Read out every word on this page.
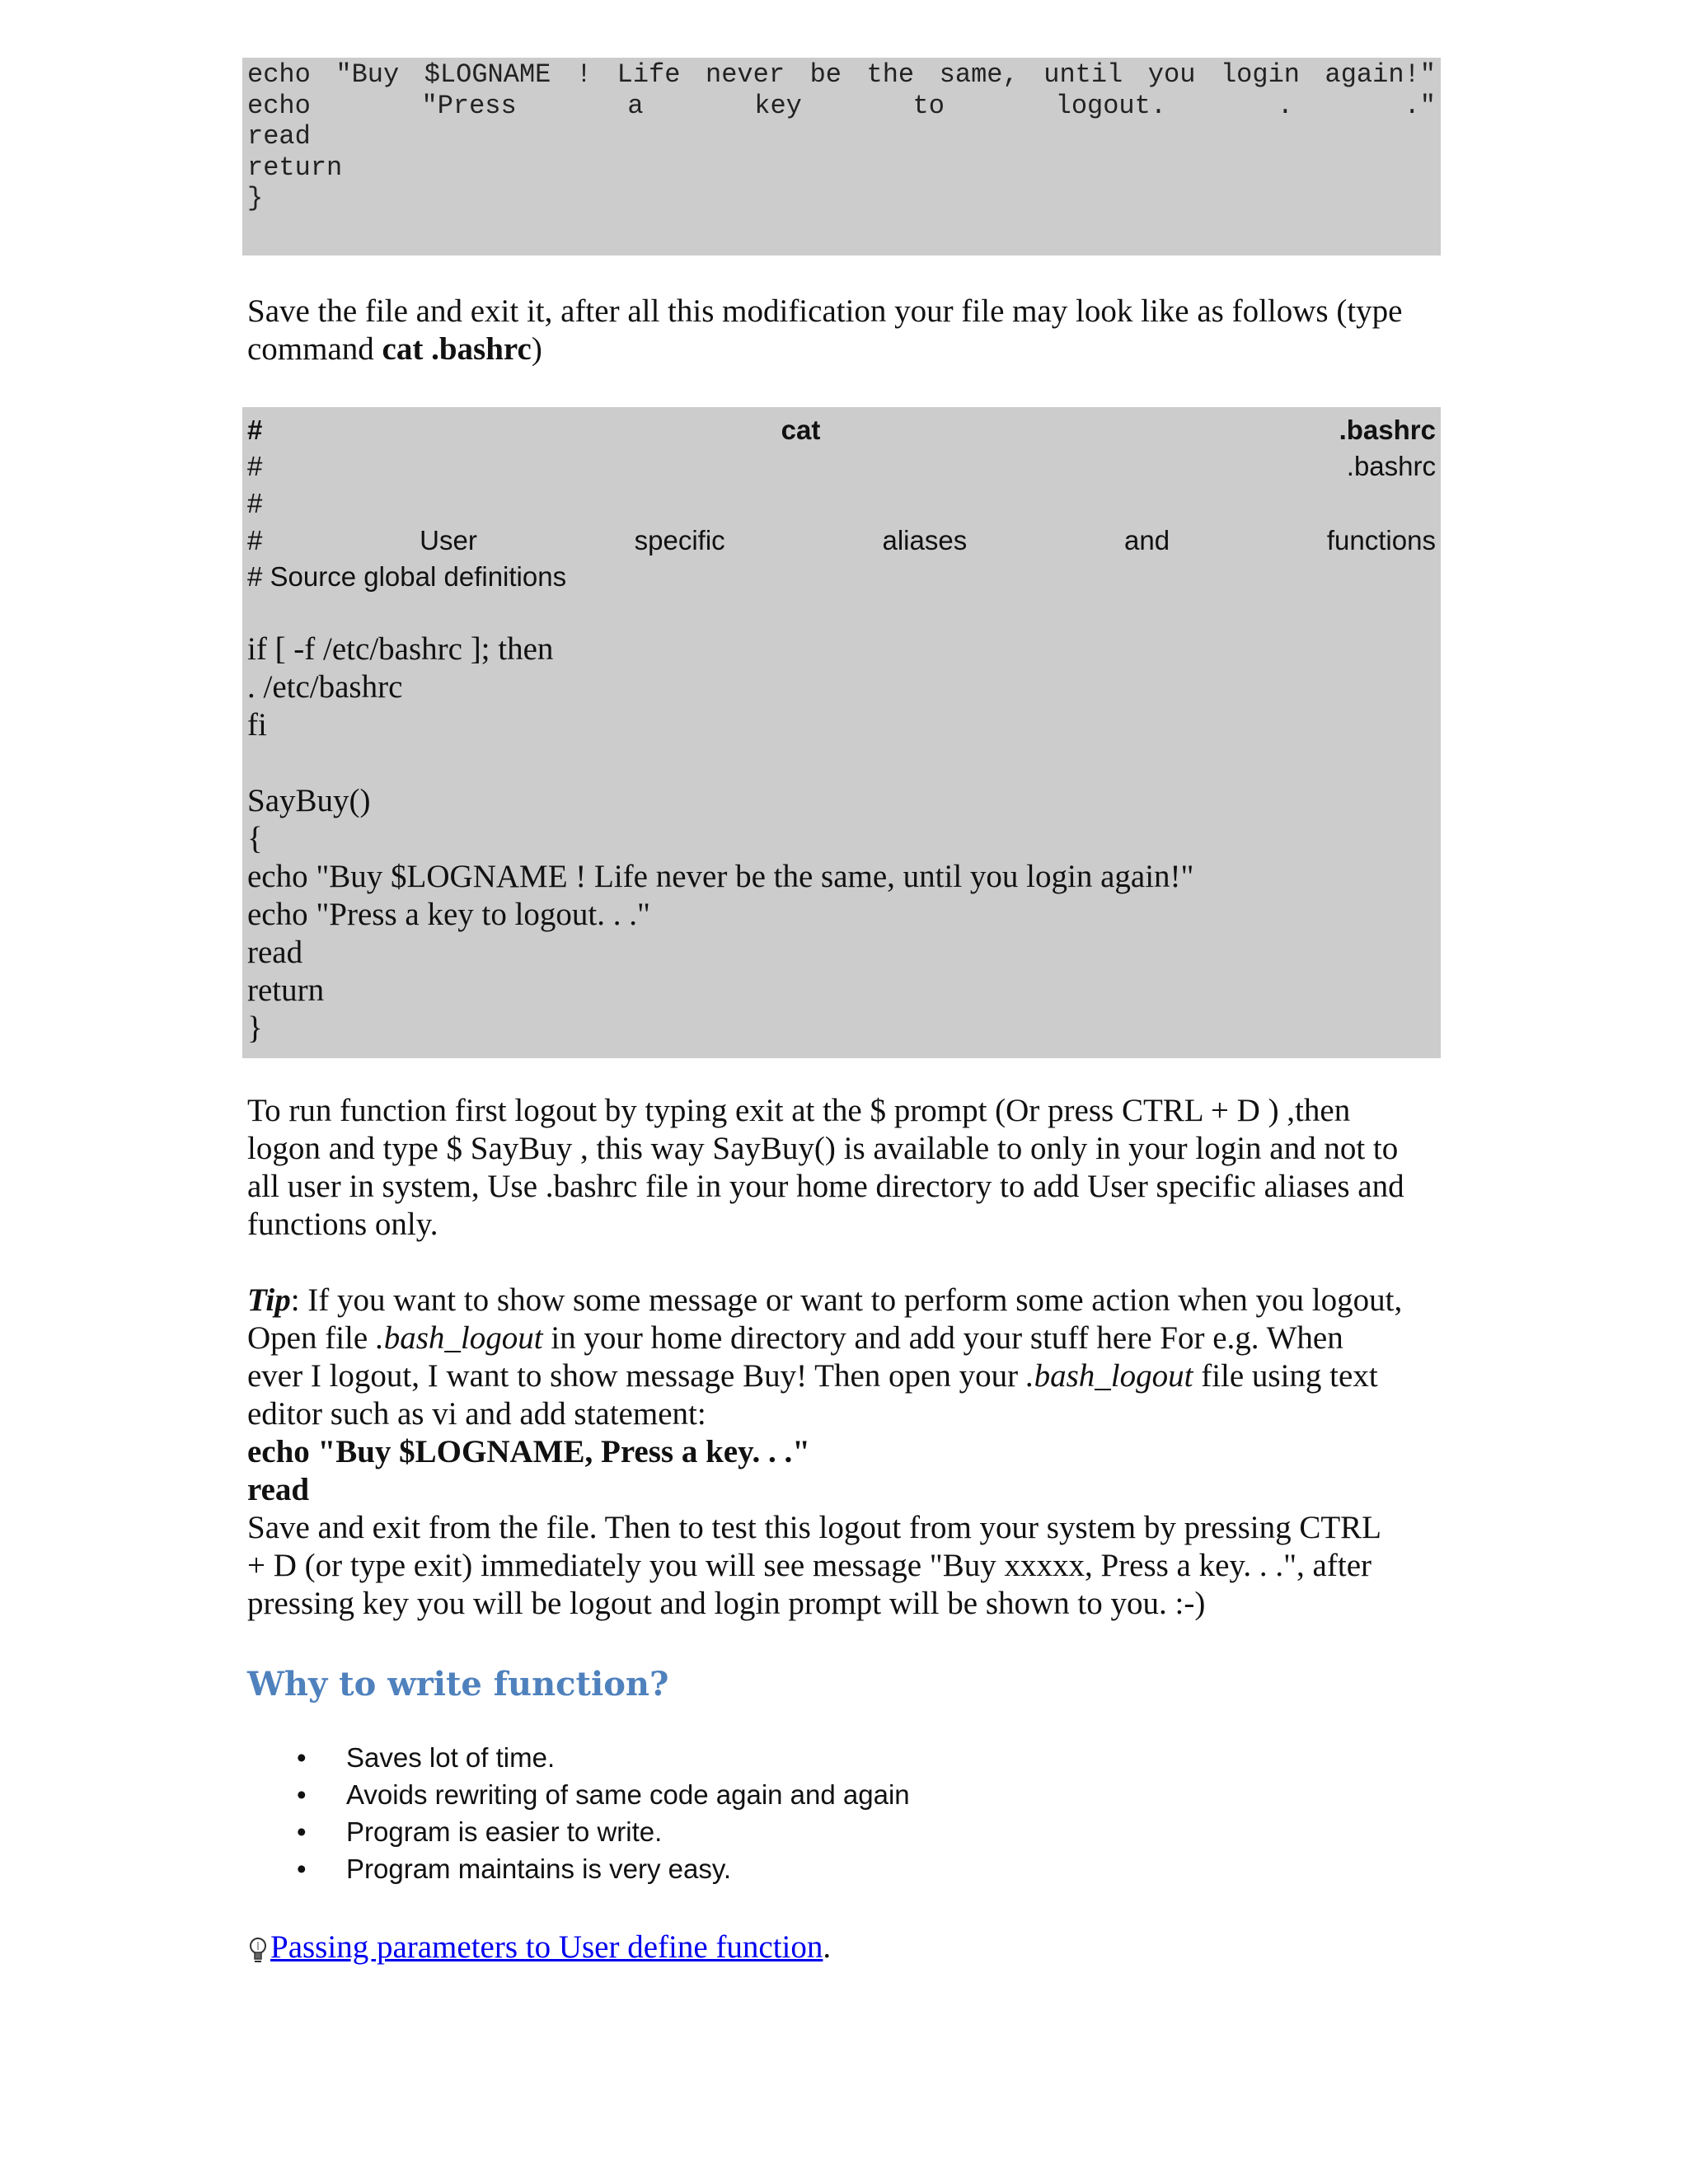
echo "Buy $LOGNAME ! Life never be the same, until you login again!"
echo	"Press	a	key	to	logout.	.	."
read
return
}
Save the file and exit it, after all this modification your file may look like as follows (type
command cat .bashrc)
#	cat	.bashrc
#	.bashrc
#
#	User	specific	aliases	and	functions
# Source global definitions
if [ -f /etc/bashrc ]; then
. /etc/bashrc
fi
SayBuy()
{
echo "Buy $LOGNAME ! Life never be the same, until you login again!"
echo "Press a key to logout. . ."
read
return
}
To run function first logout by typing exit at the $ prompt (Or press CTRL + D ) ,then
logon and type $ SayBuy , this way SayBuy() is available to only in your login and not to
all user in system, Use .bashrc file in your home directory to add User specific aliases and
functions only.
Tip: If you want to show some message or want to perform some action when you logout,
Open file .bash_logout in your home directory and add your stuff here For e.g. When
ever I logout, I want to show message Buy! Then open your .bash_logout file using text
editor such as vi and add statement:
echo "Buy $LOGNAME, Press a key. . ."
read
Save and exit from the file. Then to test this logout from your system by pressing CTRL
+ D (or type exit) immediately you will see message "Buy xxxxx, Press a key. . .", after
pressing key you will be logout and login prompt will be shown to you. :-)
Why to write function?
• Saves lot of time.
• Avoids rewriting of same code again and again
• Program is easier to write.
• Program maintains is very easy.
Passing parameters to User define function .
